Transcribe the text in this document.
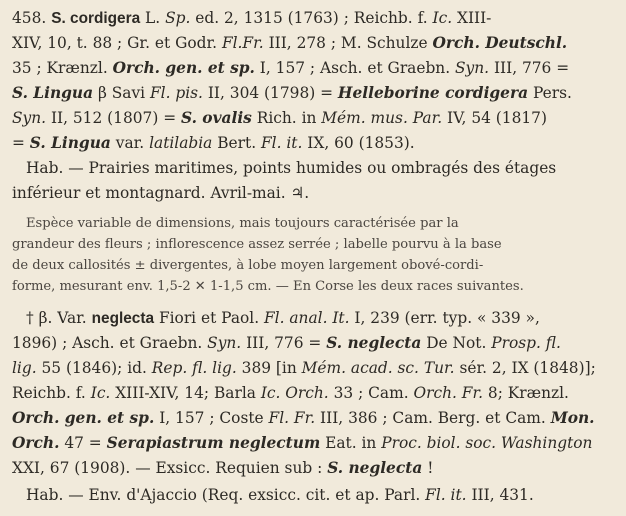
458. S. cordigera L. Sp. ed. 2, 1315 (1763) ; Reichb. f. Ic. XIII-
XIV, 10, t. 88 ; Gr. et Godr. Fl.Fr. III, 278 ; M. Schulze Orch. Deutschl.
35 ; Krænzl. Orch. gen. et sp. I, 157 ; Asch. et Graebn. Syn. III, 776 =
S. Lingua β Savi Fl. pis. II, 304 (1798) = Helleborine cordigera Pers.
Syn. II, 512 (1807) = S. ovalis Rich. in Mém. mus. Par. IV, 54 (1817)
= S. Lingua var. latilabia Bert. Fl. it. IX, 60 (1853).
Hab. — Prairies maritimes, points humides ou ombragés des étages
inférieur et montagnard. Avril-mai. ♃.
Espèce variable de dimensions, mais toujours caractérisée par la
grandeur des fleurs ; inflorescence assez serrée ; labelle pourvu à la base
de deux callosités ± divergentes, à lobe moyen largement obové-cordi-
forme, mesurant env. 1,5-2 ✕ 1-1,5 cm. — En Corse les deux races suivantes.
† β. Var. neglecta Fiori et Paol. Fl. anal. It. I, 239 (err. typ. « 339 »,
1896) ; Asch. et Graebn. Syn. III, 776 = S. neglecta De Not. Prosp. fl.
lig. 55 (1846); id. Rep. fl. lig. 389 [in Mém. acad. sc. Tur. sér. 2, IX (1848)];
Reichb. f. Ic. XIII-XIV, 14; Barla Ic. Orch. 33 ; Cam. Orch. Fr. 8; Krænzl.
Orch. gen. et sp. I, 157 ; Coste Fl. Fr. III, 386 ; Cam. Berg. et Cam. Mon.
Orch. 47 = Serapiastrum neglectum Eat. in Proc. biol. soc. Washington
XXI, 67 (1908). — Exsicc. Requien sub : S. neglecta !
Hab. — Env. d'Ajaccio (Req. exsicc. cit. et ap. Parl. Fl. it. III, 431.
